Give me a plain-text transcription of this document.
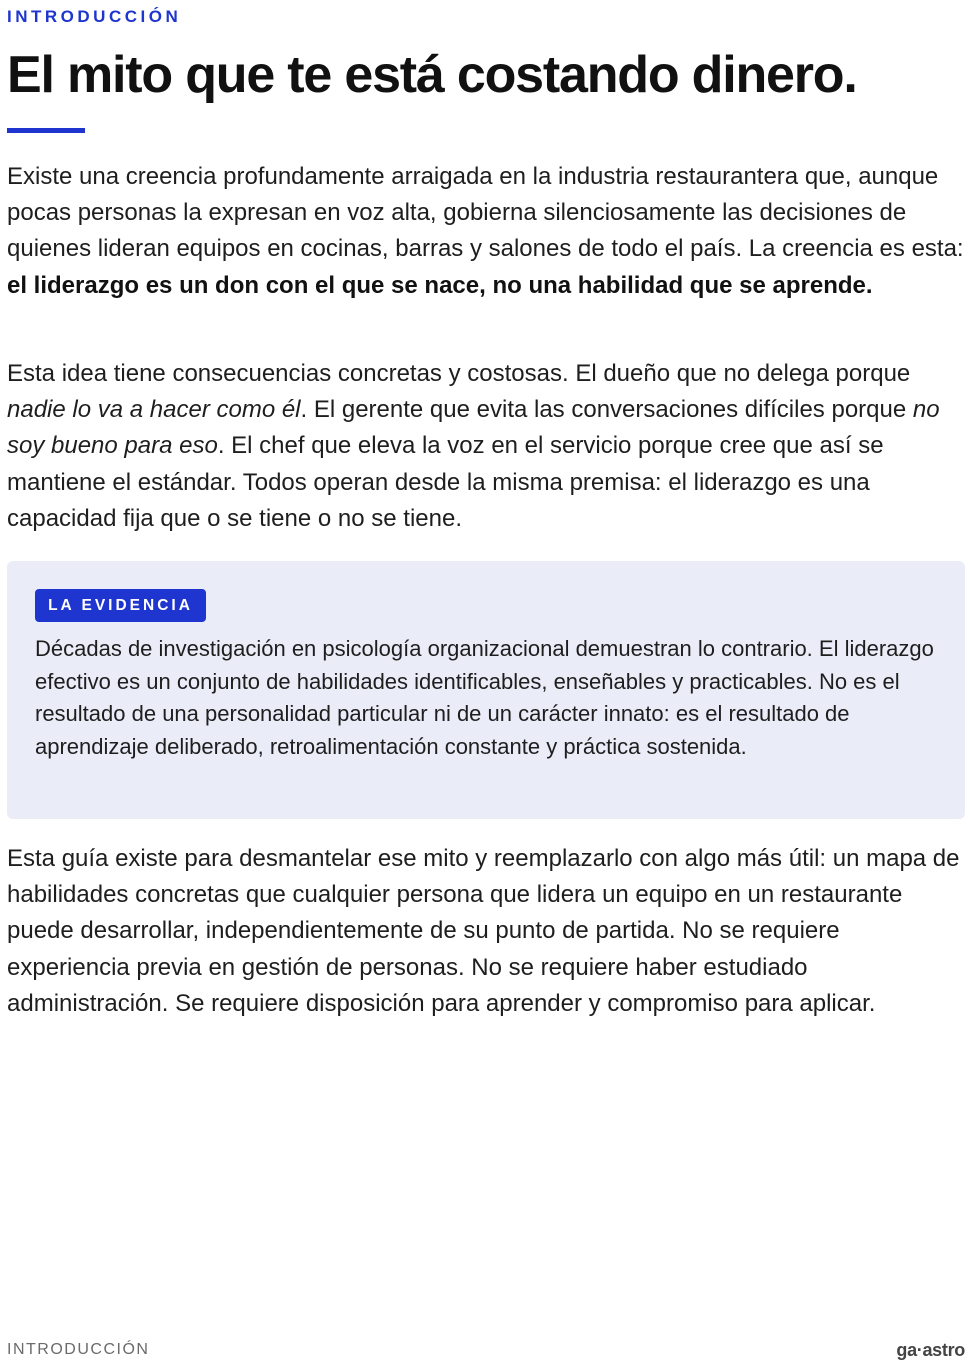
INTRODUCCIÓN
El mito que te está costando dinero.

Existe una creencia profundamente arraigada en la industria restaurantera que, aunque pocas personas la expresan en voz alta, gobierna silenciosamente las decisiones de quienes lideran equipos en cocinas, barras y salones de todo el país. La creencia es esta: el liderazgo es un don con el que se nace, no una habilidad que se aprende.

Esta idea tiene consecuencias concretas y costosas. El dueño que no delega porque nadie lo va a hacer como él. El gerente que evita las conversaciones difíciles porque no soy bueno para eso. El chef que eleva la voz en el servicio porque cree que así se mantiene el estándar. Todos operan desde la misma premisa: el liderazgo es una capacidad fija que o se tiene o no se tiene.

LA EVIDENCIA

Décadas de investigación en psicología organizacional demuestran lo contrario. El liderazgo efectivo es un conjunto de habilidades identificables, enseñables y practicables. No es el resultado de una personalidad particular ni de un carácter innato: es el resultado de aprendizaje deliberado, retroalimentación constante y práctica sostenida.

Esta guía existe para desmantelar ese mito y reemplazarlo con algo más útil: un mapa de habilidades concretas que cualquier persona que lidera un equipo en un restaurante puede desarrollar, independientemente de su punto de partida. No se requiere experiencia previa en gestión de personas. No se requiere haber estudiado administración. Se requiere disposición para aprender y compromiso para aplicar.

INTRODUCCIÓN	ga·astro
